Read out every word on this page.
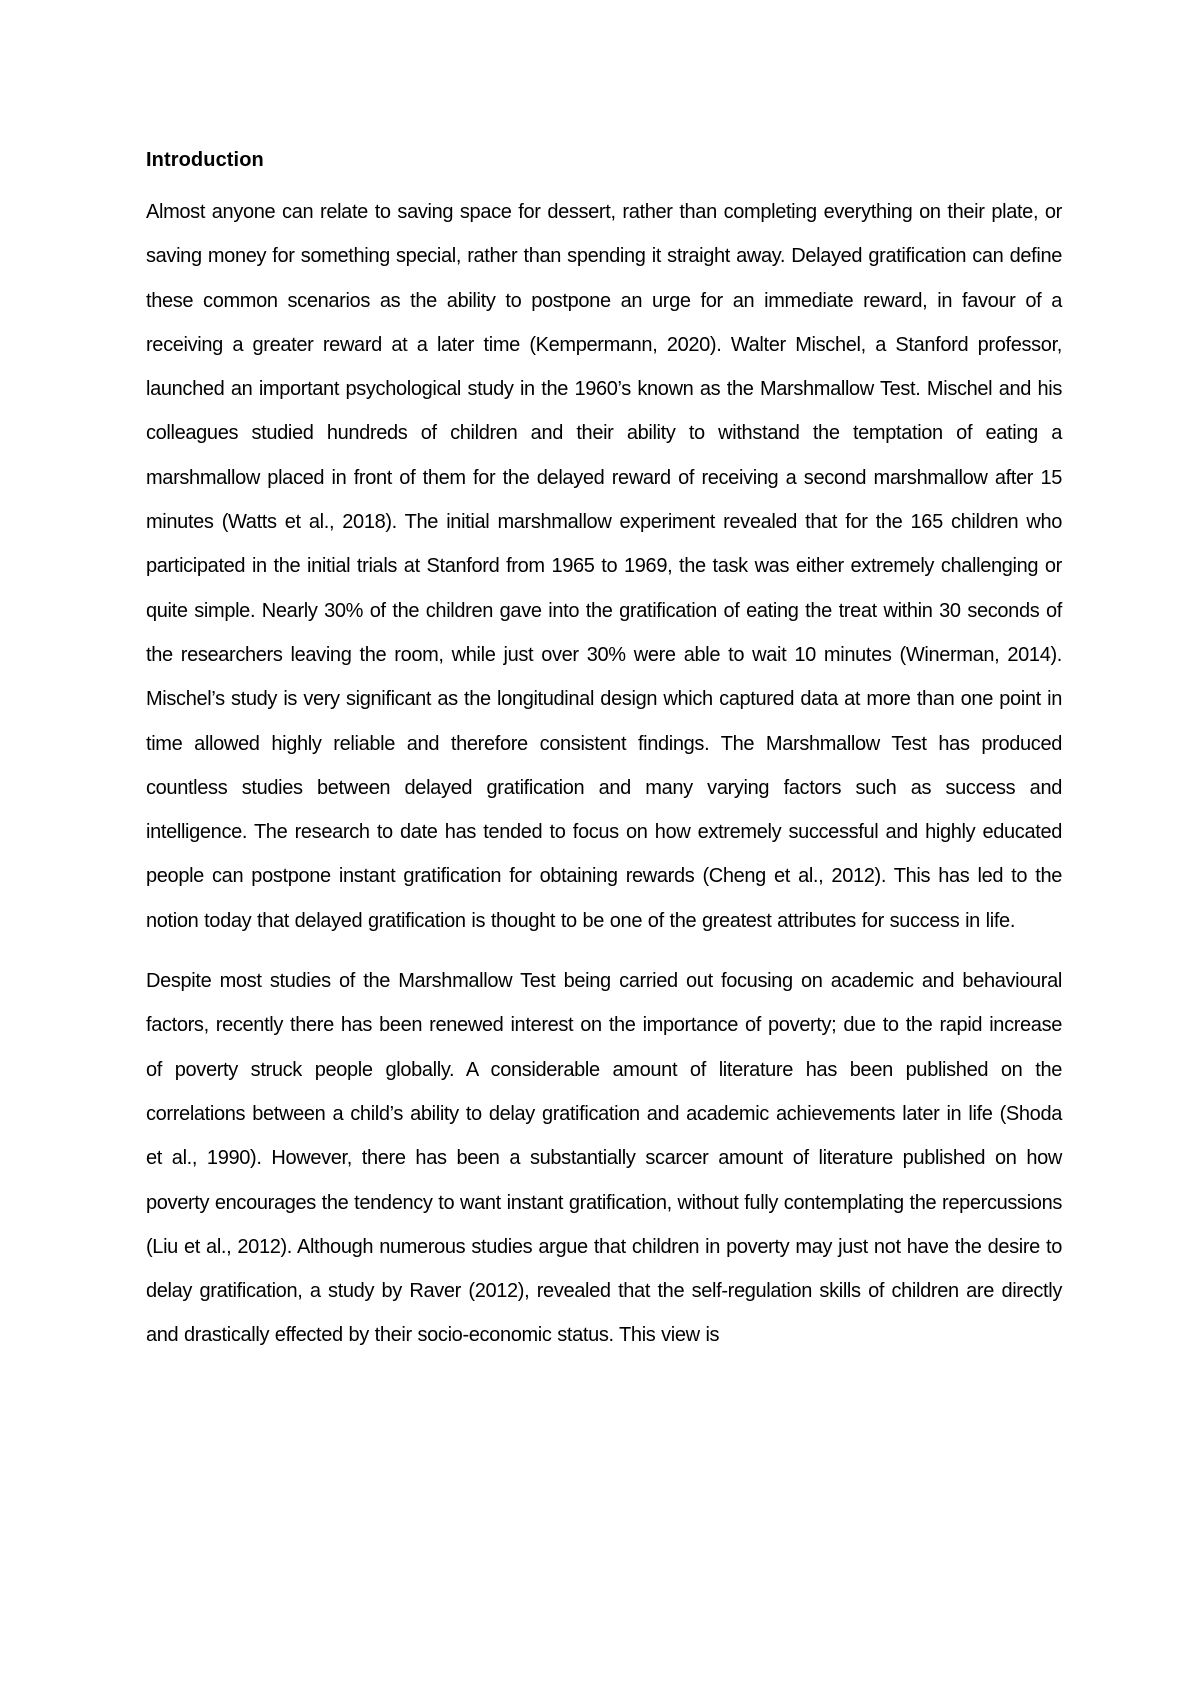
Introduction

Almost anyone can relate to saving space for dessert, rather than completing everything on their plate, or saving money for something special, rather than spending it straight away. Delayed gratification can define these common scenarios as the ability to postpone an urge for an immediate reward, in favour of a receiving a greater reward at a later time (Kempermann, 2020). Walter Mischel, a Stanford professor, launched an important psychological study in the 1960’s known as the Marshmallow Test. Mischel and his colleagues studied hundreds of children and their ability to withstand the temptation of eating a marshmallow placed in front of them for the delayed reward of receiving a second marshmallow after 15 minutes (Watts et al., 2018). The initial marshmallow experiment revealed that for the 165 children who participated in the initial trials at Stanford from 1965 to 1969, the task was either extremely challenging or quite simple. Nearly 30% of the children gave into the gratification of eating the treat within 30 seconds of the researchers leaving the room, while just over 30% were able to wait 10 minutes (Winerman, 2014). Mischel’s study is very significant as the longitudinal design which captured data at more than one point in time allowed highly reliable and therefore consistent findings. The Marshmallow Test has produced countless studies between delayed gratification and many varying factors such as success and intelligence. The research to date has tended to focus on how extremely successful and highly educated people can postpone instant gratification for obtaining rewards (Cheng et al., 2012). This has led to the notion today that delayed gratification is thought to be one of the greatest attributes for success in life.

Despite most studies of the Marshmallow Test being carried out focusing on academic and behavioural factors, recently there has been renewed interest on the importance of poverty; due to the rapid increase of poverty struck people globally. A considerable amount of literature has been published on the correlations between a child’s ability to delay gratification and academic achievements later in life (Shoda et al., 1990). However, there has been a substantially scarcer amount of literature published on how poverty encourages the tendency to want instant gratification, without fully contemplating the repercussions (Liu et al., 2012). Although numerous studies argue that children in poverty may just not have the desire to delay gratification, a study by Raver (2012), revealed that the self-regulation skills of children are directly and drastically effected by their socio-economic status. This view is
